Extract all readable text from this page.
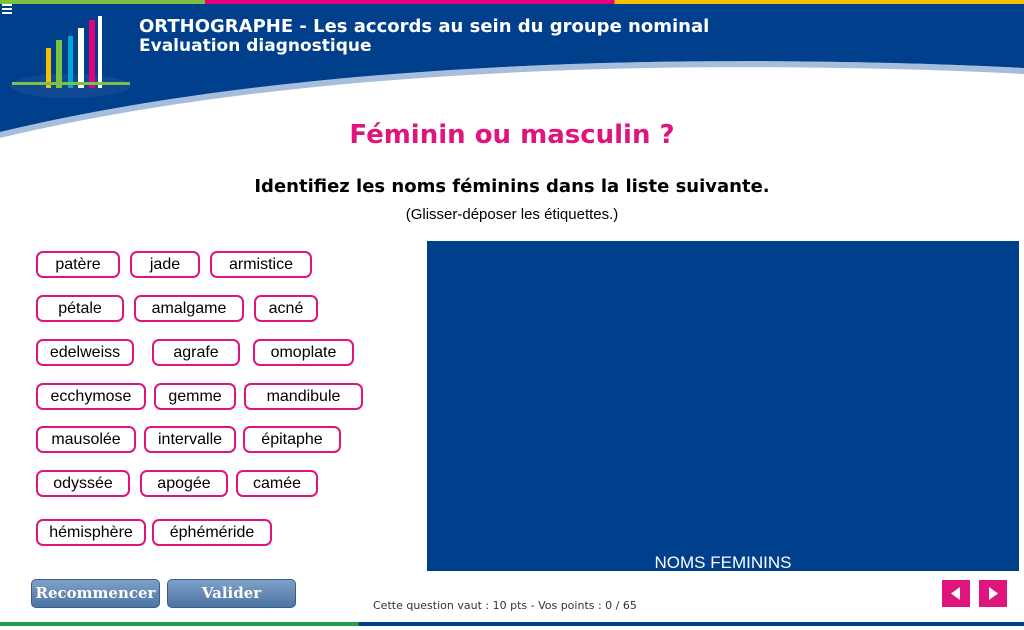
ORTHOGRAPHE - Les accords au sein du groupe nominal
Evaluation diagnostique
Féminin ou masculin ?
Identifiez les noms féminins dans la liste suivante.
(Glisser-déposer les étiquettes.)
patère	jade	armistice
pétale	amalgame	acné
edelweiss	agrafe	omoplate
ecchymose	gemme	mandibule
mausolée	intervalle	épitaphe
odyssée	apogée	camée
hémisphère	éphéméride
NOMS FEMININS
Recommencer	Valider
Cette question vaut : 10 pts - Vos points : 0 / 65
